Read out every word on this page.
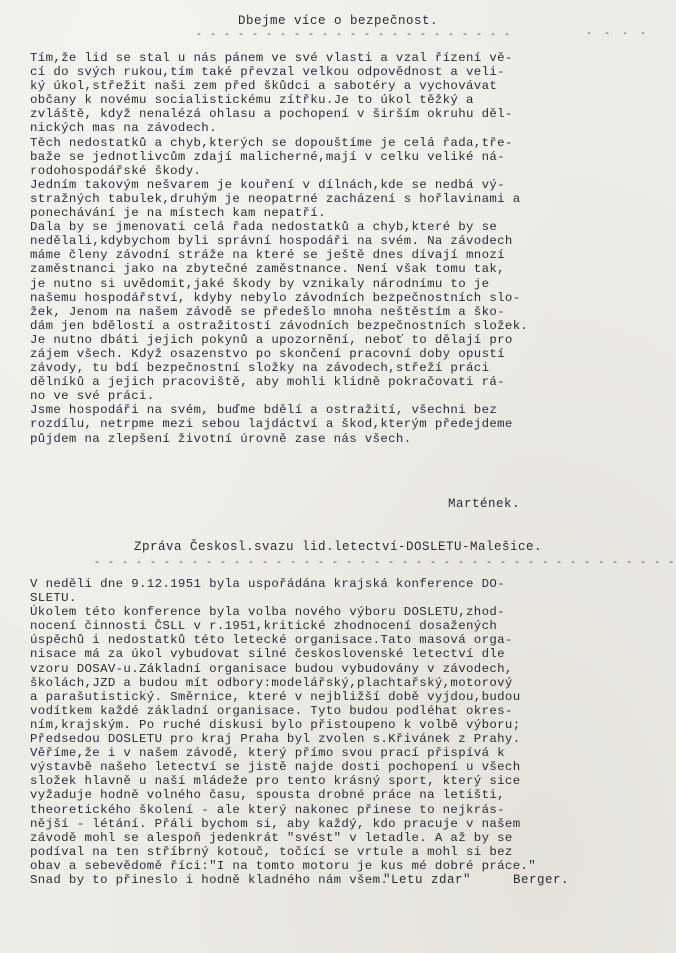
Dbejme více o bezpečnost.
- - - - - - - - - - - - - - - - - - - - - - -	-  -  ·  -
Tím,že lid se stal u nás pánem ve své vlasti a vzal řízení vě-
cí do svých rukou,tím také převzal velkou odpovědnost a veli-
ký úkol,střežit naši zem před škůdci a sabotéry a vychovávat
občany k novému socialistickému zítřku.Je to úkol těžký a
zvláště, když nenalézá ohlasu a pochopení v širším okruhu děl-
nických mas na závodech.
Těch nedostatků a chyb,kterých se dopouštíme je celá řada,tře-
baže se jednotlivcům zdají malicherné,mají v celku veliké ná-
rodohospodářské škody.
Jedním takovým nešvarem je kouření v dílnách,kde se nedbá vý-
stražných tabulek,druhým je neopatrné zacházení s hořlavinami a
ponechávání je na místech kam nepatří.
Dala by se jmenovati celá řada nedostatků a chyb,které by se
nedělali,kdybychom byli správní hospodáři na svém. Na závodech
máme členy závodní stráže na které se ještě dnes dívají mnozí
zaměstnanci jako na zbytečné zaměstnance. Není však tomu tak,
je nutno si uvědomit,jaké škody by vznikaly národnímu to je
našemu hospodářství, kdyby nebylo závodních bezpečnostních slo-
žek, Jenom na našem závodě se předešlo mnoha neštěstím a ško-
dám jen bdělostí a ostražitostí závodních bezpečnostních složek.
Je nutno dbáti jejich pokynů a upozornění, neboť to dělají pro
zájem všech. Když osazenstvo po skončení pracovní doby opustí
závody, tu bdí bezpečnostní složky na závodech,střeží práci
dělníků a jejich pracoviště, aby mohli klidně pokračovati rá-
no ve své práci.
Jsme hospodáři na svém, buďme bdělí a ostražití, všechni bez
rozdílu, netrpme mezi sebou lajdáctví a škod,kterým předejdeme
půjdem na zlepšení životní úrovně zase nás všech.
Martének.
Zpráva Českosl.svazu lid.letectví-DOSLETU-Malešice.
- - - - - - - - - - - - - - - - - - - - - - - - - - - - - - - - - - - - - - - - - -
V neděli dne 9.12.1951 byla uspořádána krajská konference DO-
SLETU.
Úkolem této konference byla volba nového výboru DOSLETU,zhod-
nocení činnosti ČSLL v r.1951,kritické zhodnocení dosažených
úspěchů i nedostatků této letecké organisace.Tato masová orga-
nisace má za úkol vybudovat silné československé letectví dle
vzoru DOSAV-u.Základní organisace budou vybudovány v závodech,
školách,JZD a budou mít odbory:modelářský,plachtařský,motorový
a parašutistický. Směrnice, které v nejbližší době vyjdou,budou
vodítkem každé základní organisace. Tyto budou podléhat okres-
ním,krajským. Po ruché diskusi bylo přistoupeno k volbě výboru;
Předsedou DOSLETU pro kraj Praha byl zvolen s.Křivánek z Prahy.
Věříme,že i v našem závodě, který přímo svou prací přispívá k
výstavbě našeho letectví se jistě najde dosti pochopení u všech
složek hlavně u naší mládeže pro tento krásný sport, který sice
vyžaduje hodně volného času, spousta drobné práce na letišti,
theoretického školení - ale který nakonec přinese to nejkrás-
nější - létání. Přáli bychom si, aby každý, kdo pracuje v našem
závodě mohl se alespoň jedenkrát "svést" v letadle. A až by se
podíval na ten stříbrný kotouč, točící se vrtule a mohl si bez
obav a sebevědomě říci:"I na tomto motoru je kus mé dobré práce."
Snad by to přineslo i hodně kladného nám všem.
"Letu zdar"	Berger.
